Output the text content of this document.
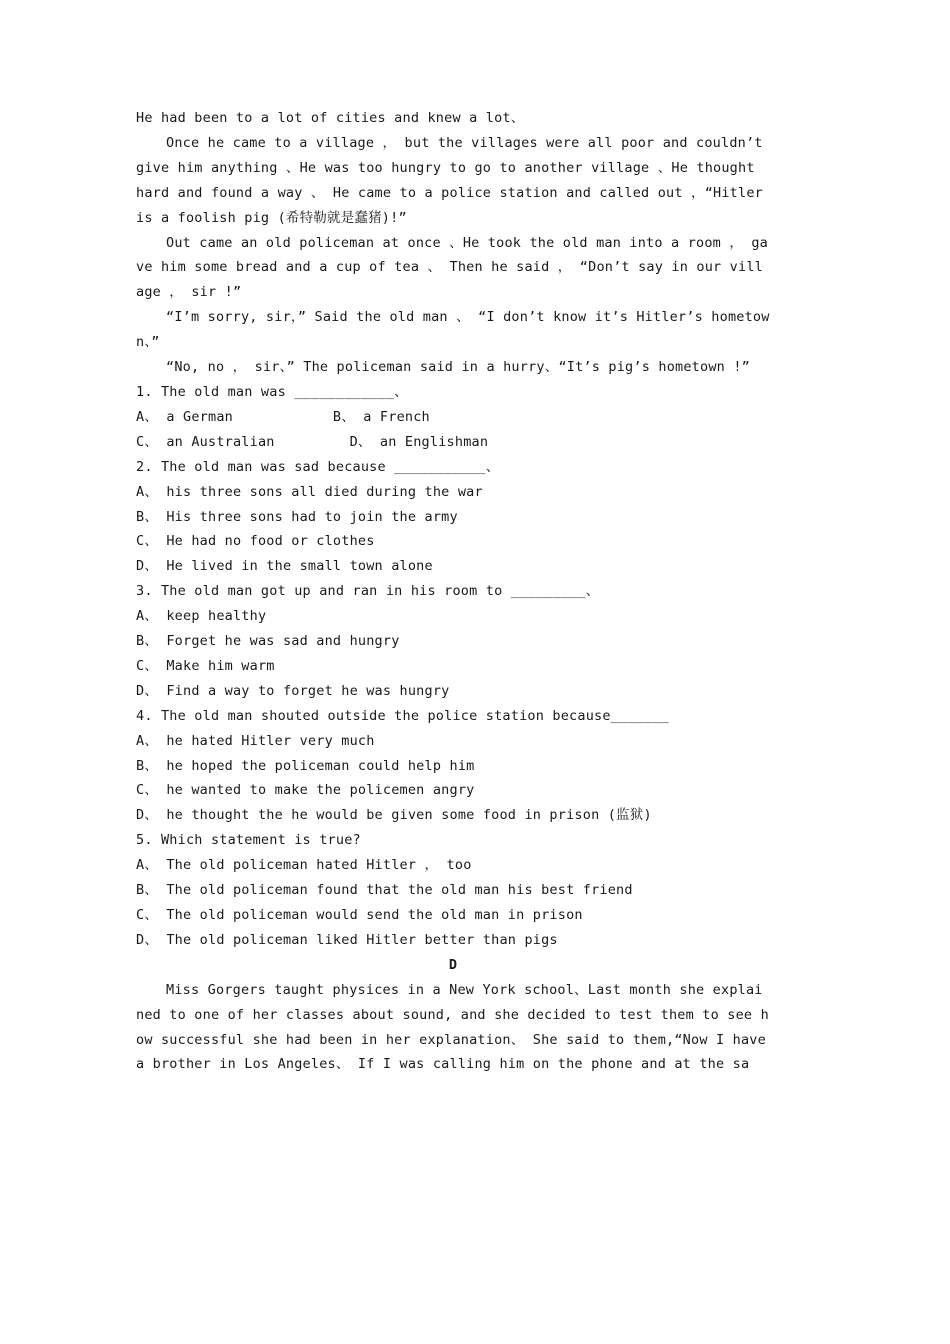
He had been to a lot of cities and knew a lot、

Once he came to a village ， but the villages were all poor and couldn’t give him anything 、He was too hungry to go to another village 、He thought hard and found a way 、 He came to a police station and called out ，“Hitler is a foolish pig (希特勒就是蠢猪)!”

Out came an old policeman at once 、He took the old man into a room ， gave him some bread and a cup of tea 、 Then he said ， “Don’t say in our village ， sir !”

“I’m sorry, sir，” Said the old man 、 “I don’t know it’s Hitler’s hometown、”

“No, no ， sir、” The policeman said in a hurry、“It’s pig’s hometown !”

1. The old man was ____________、

A、 a German            B、 a French

C、 an Australian         D、 an Englishman

2. The old man was sad because ___________、

A、 his three sons all died during the war

B、 His three sons had to join the army

C、 He had no food or clothes

D、 He lived in the small town alone

3. The old man got up and ran in his room to _________、

A、 keep healthy

B、 Forget he was sad and hungry

C、 Make him warm

D、 Find a way to forget he was hungry

4. The old man shouted outside the police station because_______

A、 he hated Hitler very much

B、 he hoped the policeman could help him

C、 he wanted to make the policemen angry

D、 he thought the he would be given some food in prison (监狱)

5. Which statement is true?

A、 The old policeman hated Hitler ， too

B、 The old policeman found that the old man his best friend

C、 The old policeman would send the old man in prison

D、 The old policeman liked Hitler better than pigs

D

Miss Gorgers taught physices in a New York school、Last month she explained to one of her classes about sound, and she decided to test them to see how successful she had been in her explanation、 She said to them,“Now I have a brother in Los Angeles、 If I was calling him on the phone and at the sa
